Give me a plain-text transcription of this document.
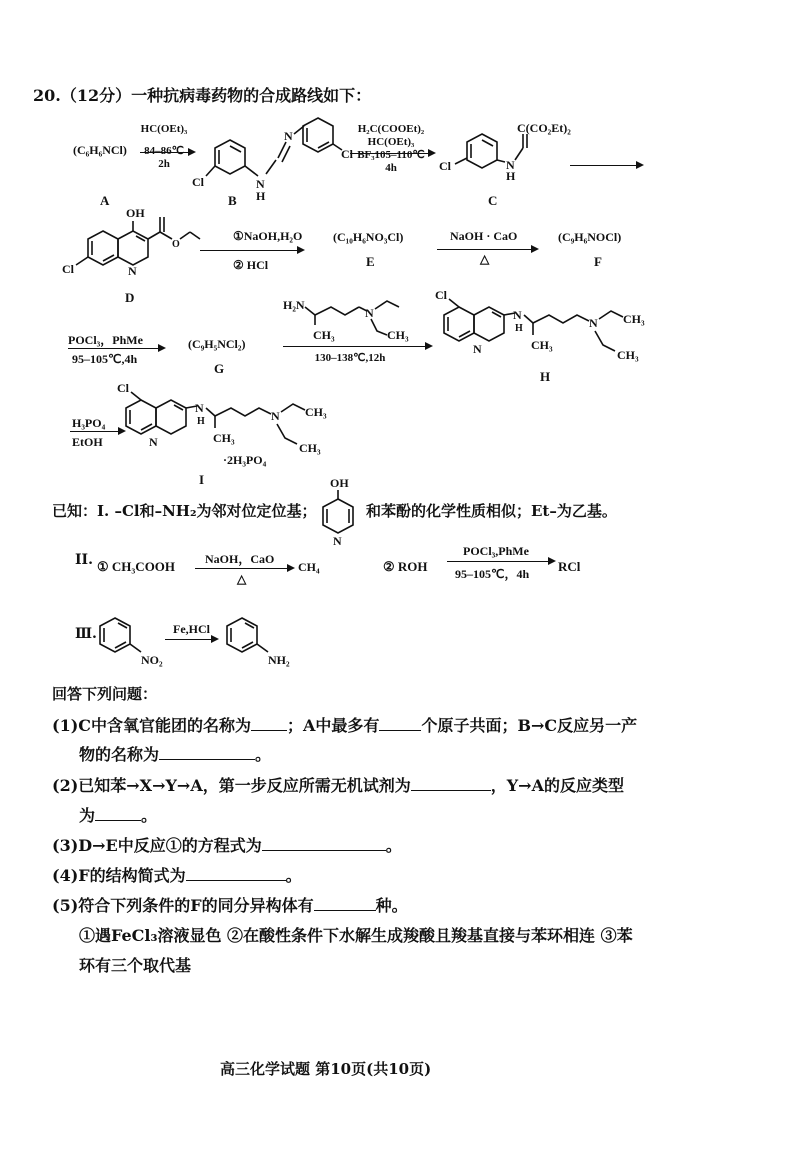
20.（12分）一种抗病毒药物的合成路线如下：
(C₆H₆NCl)
HC(OEt)₃
84–86℃
2h
Cl	N
H
N
Cl
H₂C(COOEt)₂
HC(OEt)₃
BF₃105–110℃
4h	Cl	N
H
C(CO₂Et)₂
A	B	C
OH
Cl	N
O
①NaOH,H₂O
② HCl
(C₁₀H₆NO₃Cl)	NaOH · CaO
△
(C₉H₆NOCl)
D
E	F
POCl₃，PhMe
95–105℃,4h
(C₉H₅NCl₂)
G
H₂N
CH₃
N
CH₃
130–138℃,12h
Cl
N
N
H
CH₃
N CH₃
CH₃
H
H₃PO₄
EtOH
Cl
N
N
H
CH₃
N CH₃
CH₃
·2H₃PO₄
I
已知：I. –Cl和–NH₂为邻对位定位基；
OH
N
和苯酚的化学性质相似；Et–为乙基。
II. ① CH₃COOH NaOH，CaO
△
CH₄	② ROH
POCl₃,PhMe
95–105℃，4h RCl
Ⅲ.
NO₂
Fe,HCl
NH₂
回答下列问题：
(1)C中含氧官能团的名称为 ；A中最多有	个原子共面；B→C反应另一产
物的名称为	。
(2)已知苯→X→Y→A，第一步反应所需无机试剂为	，Y→A的反应类型
为	。
(3)D→E中反应①的方程式为	。
(4)F的结构简式为	。
(5)符合下列条件的F的同分异构体有	种。
①遇FeCl₃溶液显色 ②在酸性条件下水解生成羧酸且羧基直接与苯环相连 ③苯
环有三个取代基
高三化学试题 第10页(共10页)
